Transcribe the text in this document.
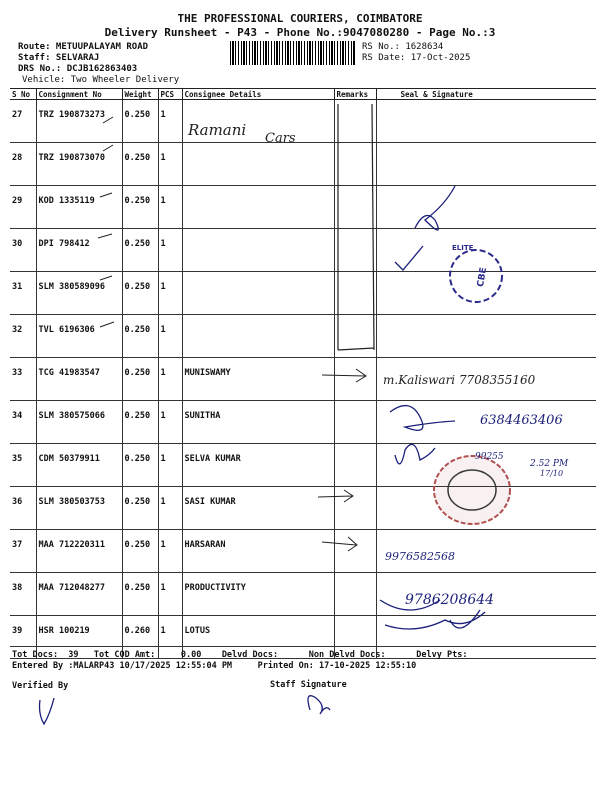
THE PROFESSIONAL COURIERS, COIMBATORE
Delivery Runsheet - P43 - Phone No.:9047080280 - Page No.:3
Route: METUUPALAYAM ROAD
Staff: SELVARAJ
DRS No.: DCJB162863403
Vehicle: Two Wheeler Delivery
RS No.: 1628634
RS Date: 17-Oct-2025
S No	Consignment No	Weight	PCS	Consignee Details	Remarks	Seal & Signature
27	TRZ 190873273	0.250	1			
28	TRZ 190873070	0.250	1			
29	KOD 1335119	0.250	1			
30	DPI 798412	0.250	1			
31	SLM 380589096	0.250	1			
32	TVL 6196306	0.250	1			
33	TCG 41983547	0.250	1	MUNISWAMY		
34	SLM 380575066	0.250	1	SUNITHA		
35	CDM 50379911	0.250	1	SELVA KUMAR		
36	SLM 380503753	0.250	1	SASI KUMAR		
37	MAA 712220311	0.250	1	HARSARAN		
38	MAA 712048277	0.250	1	PRODUCTIVITY		
39	HSR 100219	0.260	1	LOTUS		
CBE
ELITE
Ramani Cars
m.Kaliswari 7708355160
6384463406
99255
2.52 PM
17/10
9976582568
9786208644
Tot Docs:  39   Tot COD Amt:     0.00    Delvd Docs:      Non Delvd Docs:      Delvy Pts:
Entered By :MALARP43 10/17/2025 12:55:04 PM     Printed On: 17-10-2025 12:55:10
Verified By	Staff Signature
